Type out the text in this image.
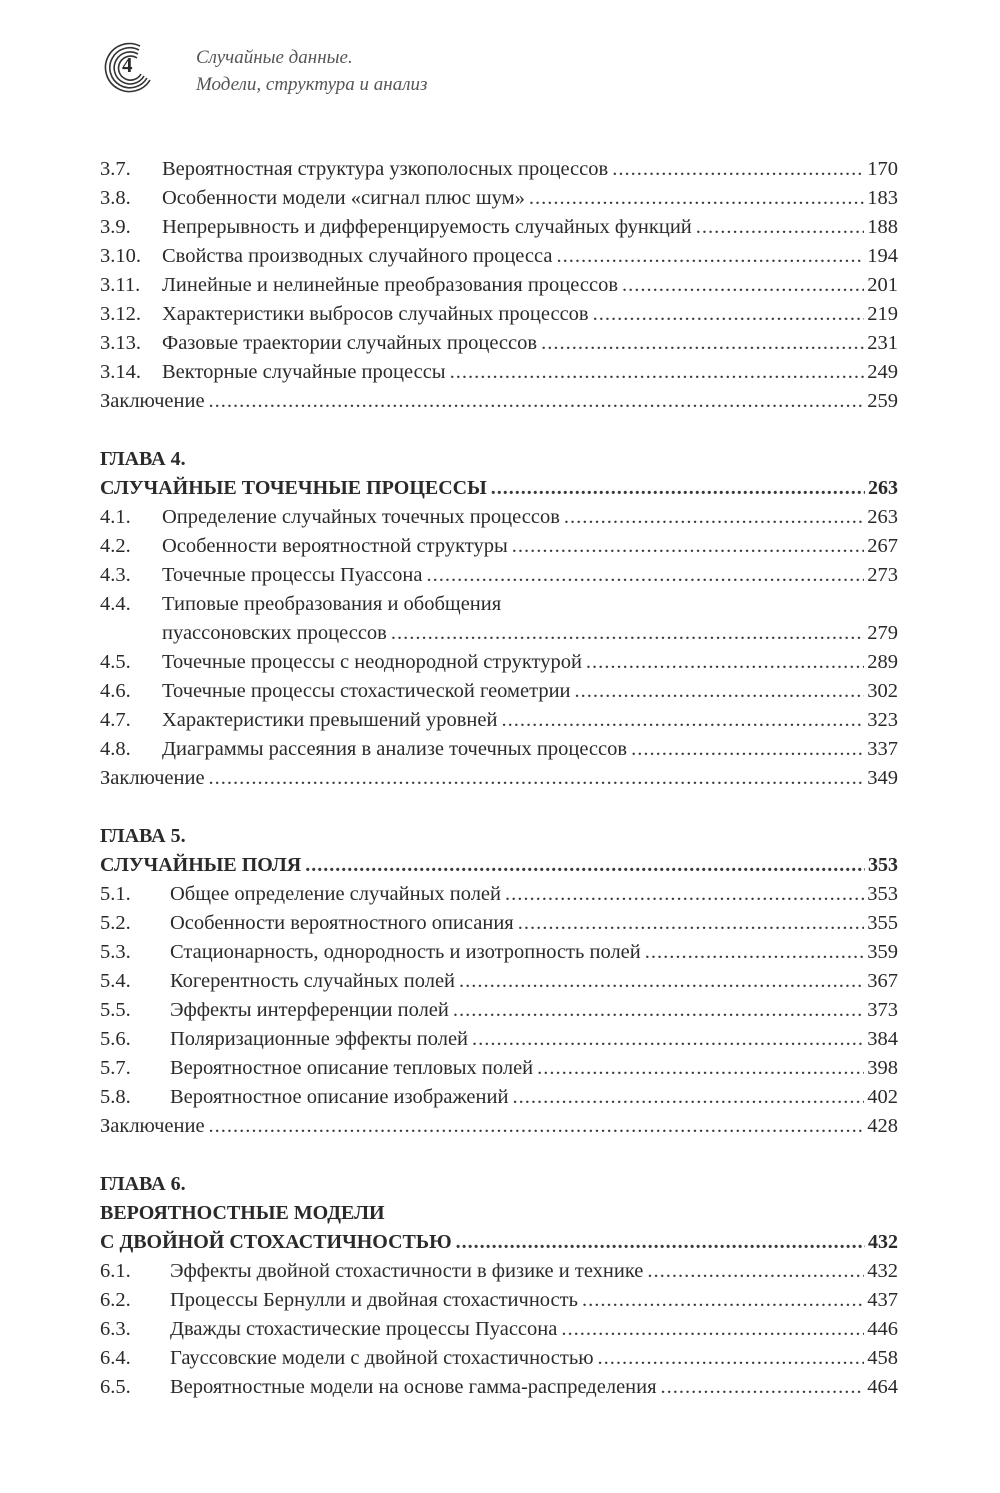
4	Случайные данные.
Модели, структура и анализ
3.7. Вероятностная структура узкополосных процессов .....	170
3.8. Особенности модели «сигнал плюс шум» .....	183
3.9. Непрерывность и дифференцируемость случайных функций .....	188
3.10. Свойства производных случайного процесса .....	194
3.11. Линейные и нелинейные преобразования процессов .....	201
3.12. Характеристики выбросов случайных процессов .....	219
3.13. Фазовые траектории случайных процессов .....	231
3.14. Векторные случайные процессы .....	249
Заключение .....	259
ГЛАВА 4.
СЛУЧАЙНЫЕ ТОЧЕЧНЫЕ ПРОЦЕССЫ .....	263
4.1. Определение случайных точечных процессов .....	263
4.2. Особенности вероятностной структуры .....	267
4.3. Точечные процессы Пуассона .....	273
4.4. Типовые преобразования и обобщения
пуассоновских процессов .....	279
4.5. Точечные процессы с неоднородной структурой .....	289
4.6. Точечные процессы стохастической геометрии .....	302
4.7. Характеристики превышений уровней .....	323
4.8. Диаграммы рассеяния в анализе точечных процессов .....	337
Заключение .....	349
ГЛАВА 5.
СЛУЧАЙНЫЕ ПОЛЯ .....	353
5.1. Общее определение случайных полей .....	353
5.2. Особенности вероятностного описания .....	355
5.3. Стационарность, однородность и изотропность полей .....	359
5.4. Когерентность случайных полей .....	367
5.5. Эффекты интерференции полей .....	373
5.6. Поляризационные эффекты полей .....	384
5.7. Вероятностное описание тепловых полей .....	398
5.8. Вероятностное описание изображений .....	402
Заключение .....	428
ГЛАВА 6.
ВЕРОЯТНОСТНЫЕ МОДЕЛИ
С ДВОЙНОЙ СТОХАСТИЧНОСТЬЮ .....	432
6.1. Эффекты двойной стохастичности в физике и технике .....	432
6.2. Процессы Бернулли и двойная стохастичность .....	437
6.3. Дважды стохастические процессы Пуассона .....	446
6.4. Гауссовские модели с двойной стохастичностью .....	458
6.5. Вероятностные модели на основе гамма-распределения .....	464
